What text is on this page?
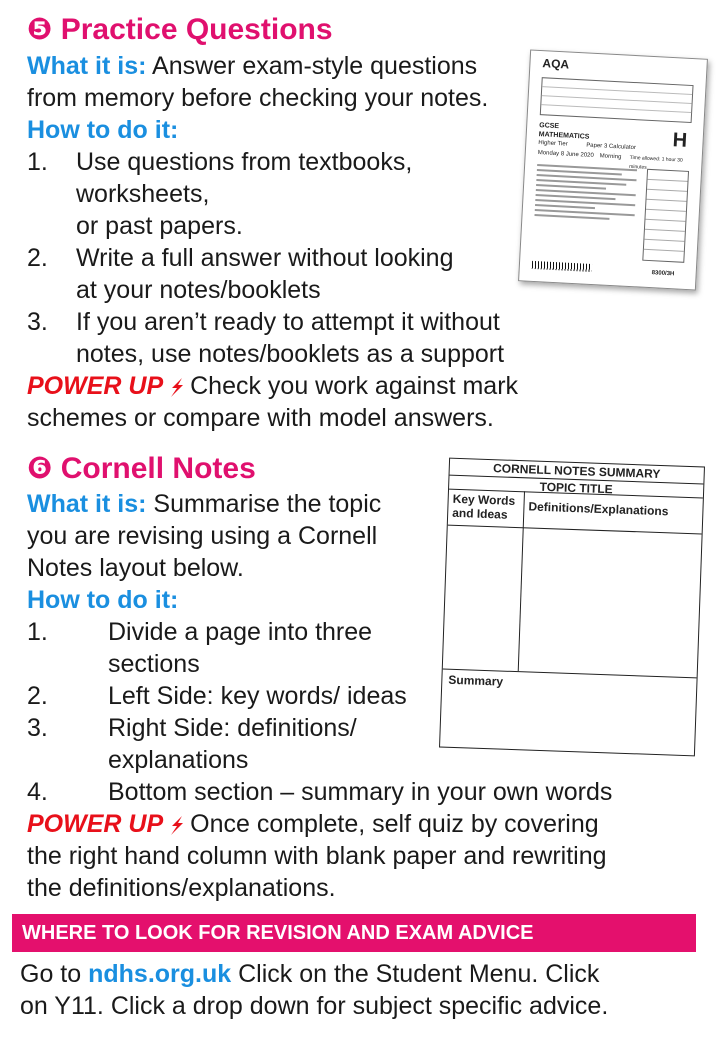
❺ Practice Questions
What it is: Answer exam-style questions
from memory before checking your notes.
How to do it:
1. Use questions from textbooks,
worksheets,
or past papers.
2. Write a full answer without looking
at your notes/booklets
3. If you aren’t ready to attempt it without
notes, use notes/booklets as a support
POWER UP Check you work against mark
schemes or compare with model answers.
AQA
GCSE
MATHEMATICS
Higher Tier	Paper 3 Calculator H
Monday 8 June 2020 Morning Time allowed: 1 hour 30 minutes
8300/3H
❻ Cornell Notes
What it is: Summarise the topic
you are revising using a Cornell
Notes layout below.
How to do it:
1. Divide a page into three
sections
2. Left Side: key words/ ideas
3. Right Side: definitions/
explanations
4. Bottom section – summary in your own words
POWER UP Once complete, self quiz by covering
the right hand column with blank paper and rewriting
the definitions/explanations.
CORNELL NOTES SUMMARY
TOPIC TITLE
Key Words and Ideas	Definitions/Explanations
Summary
WHERE TO LOOK FOR REVISION AND EXAM ADVICE
Go to ndhs.org.uk Click on the Student Menu. Click
on Y11. Click a drop down for subject specific advice.
